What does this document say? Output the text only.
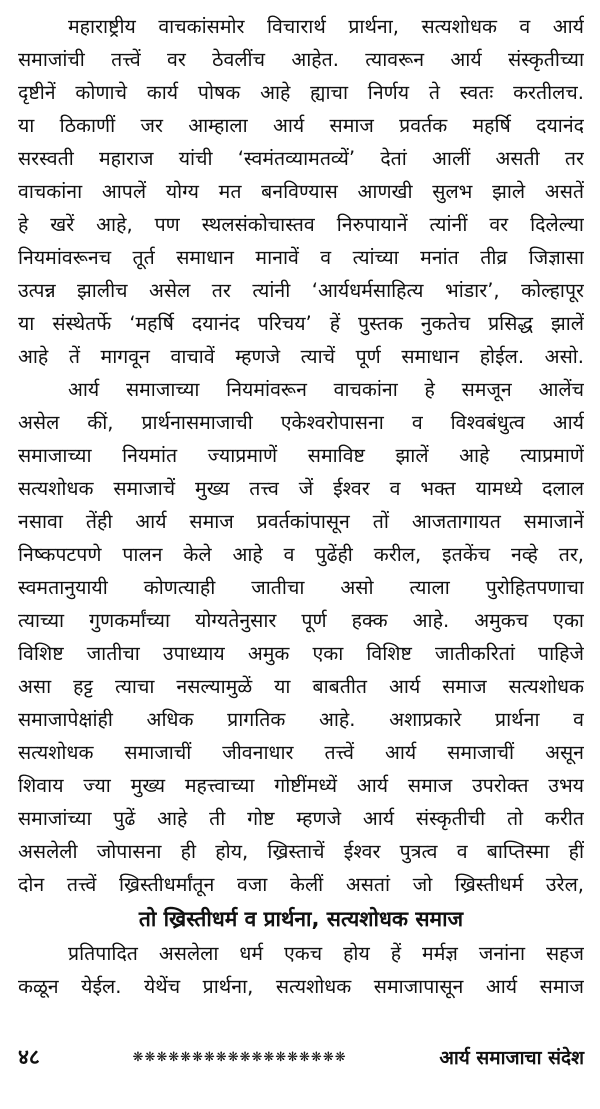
महाराष्ट्रीय वाचकांसमोर विचारार्थ प्रार्थना, सत्यशोधक व आर्य
समाजांची तत्त्वें वर ठेवलींच आहेत. त्यावरून आर्य संस्कृतीच्या
दृष्टीनें कोणाचे कार्य पोषक आहे ह्याचा निर्णय ते स्वतः करतीलच.
या ठिकाणीं जर आम्हाला आर्य समाज प्रवर्तक महर्षि दयानंद
सरस्वती महाराज यांची ‘स्वमंतव्यामतव्यें’ देतां आलीं असती तर
वाचकांना आपलें योग्य मत बनविण्यास आणखी सुलभ झाले असतें
हे खरें आहे, पण स्थलसंकोचास्तव निरुपायानें त्यांनीं वर दिलेल्या
नियमांवरूनच तूर्त समाधान मानावें व त्यांच्या मनांत तीव्र जिज्ञासा
उत्पन्न झालीच असेल तर त्यांनी ‘आर्यधर्मसाहित्य भांडार’, कोल्हापूर
या संस्थेतर्फे ‘महर्षि दयानंद परिचय’ हें पुस्तक नुकतेच प्रसिद्ध झालें
आहे तें मागवून वाचावें म्हणजे त्याचें पूर्ण समाधान होईल. असो.
आर्य समाजाच्या नियमांवरून वाचकांना हे समजून आलेंच
असेल कीं, प्रार्थनासमाजाची एकेश्वरोपासना व विश्वबंधुत्व आर्य
समाजाच्या नियमांत ज्याप्रमाणें समाविष्ट झालें आहे त्याप्रमाणें
सत्यशोधक समाजाचें मुख्य तत्त्व जें ईश्वर व भक्त यामध्ये दलाल
नसावा तेंही आर्य समाज प्रवर्तकांपासून तों आजतागायत समाजानें
निष्कपटपणे पालन केले आहे व पुढेंही करील, इतकेंच नव्हे तर,
स्वमतानुयायी कोणत्याही जातीचा असो त्याला पुरोहितपणाचा
त्याच्या गुणकर्मांच्या योग्यतेनुसार पूर्ण हक्क आहे. अमुकच एका
विशिष्ट जातीचा उपाध्याय अमुक एका विशिष्ट जातीकरितां पाहिजे
असा हट्ट त्याचा नसल्यामुळें या बाबतीत आर्य समाज सत्यशोधक
समाजापेक्षांही अधिक प्रागतिक आहे. अशाप्रकारे प्रार्थना व
सत्यशोधक समाजाचीं जीवनाधार तत्त्वें आर्य समाजाचीं असून
शिवाय ज्या मुख्य महत्त्वाच्या गोष्टींमध्यें आर्य समाज उपरोक्त उभय
समाजांच्या पुढें आहे ती गोष्ट म्हणजे आर्य संस्कृतीची तो करीत
असलेली जोपासना ही होय, ख्रिस्ताचें ईश्वर पुत्रत्व व बाप्तिस्मा हीं
दोन तत्त्वें ख्रिस्तीधर्मांतून वजा केलीं असतां जो ख्रिस्तीधर्म उरेल,
तो ख्रिस्तीधर्म व प्रार्थना, सत्यशोधक समाज
प्रतिपादित असलेला धर्म एकच होय हें मर्मज्ञ जनांना सहज
कळून येईल. येथेंच प्रार्थना, सत्यशोधक समाजापासून आर्य समाज
४८	❋❋❋❋❋❋❋❋❋❋❋❋❋❋❋❋❋❋	आर्य समाजाचा संदेश
